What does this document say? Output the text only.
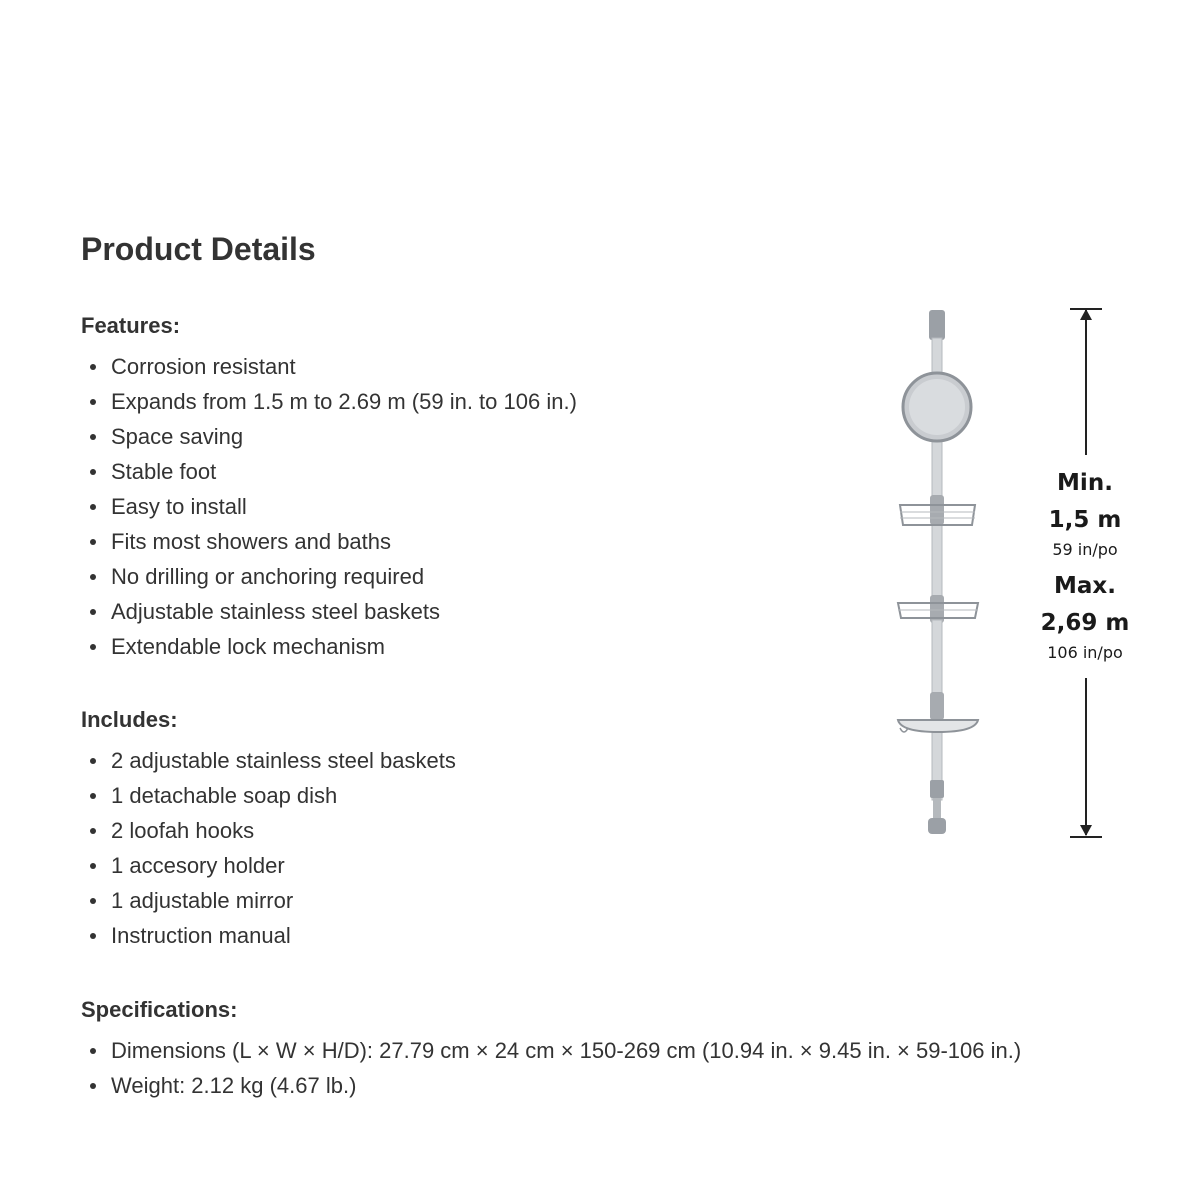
Product Details
Features:
Corrosion resistant
Expands from 1.5 m to 2.69 m (59 in. to 106 in.)
Space saving
Stable foot
Easy to install
Fits most showers and baths
No drilling or anchoring required
Adjustable stainless steel baskets
Extendable lock mechanism
Includes:
2 adjustable stainless steel baskets
1 detachable soap dish
2 loofah hooks
1 accesory holder
1 adjustable mirror
Instruction manual
Specifications:
Dimensions (L × W × H/D): 27.79 cm × 24 cm × 150-269 cm (10.94 in. × 9.45 in. × 59-106 in.)
Weight: 2.12 kg (4.67 lb.)
Min.
1,5 m
59 in/po
Max.
2,69 m
106 in/po
